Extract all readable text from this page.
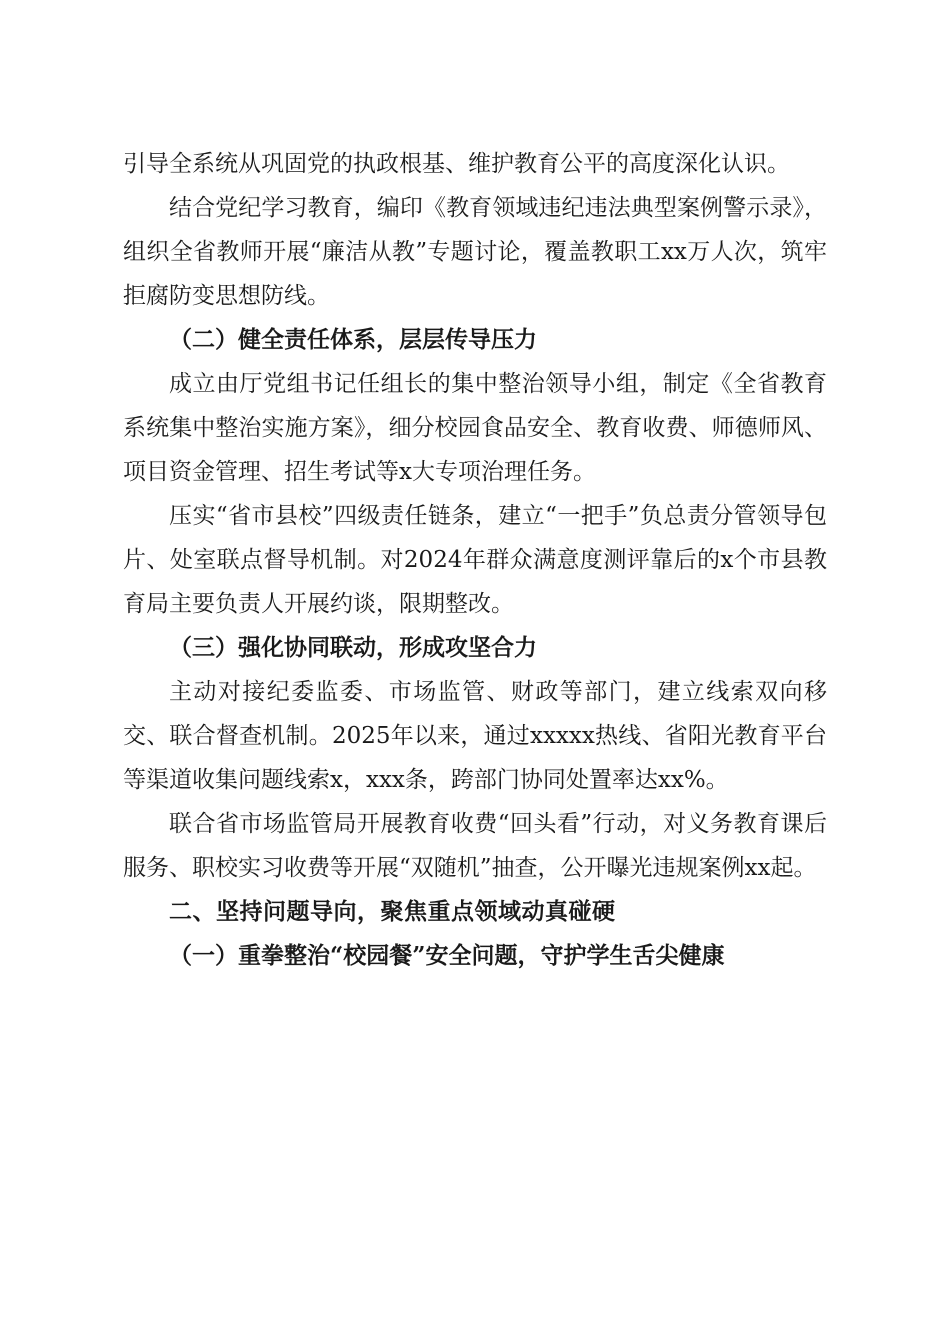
引导全系统从巩固党的执政根基、维护教育公平的高度深化认识。

结合党纪学习教育，编印《教育领域违纪违法典型案例警示录》，组织全省教师开展“廉洁从教”专题讨论，覆盖教职工xx万人次，筑牢拒腐防变思想防线。

（二）健全责任体系，层层传导压力

成立由厅党组书记任组长的集中整治领导小组，制定《全省教育系统集中整治实施方案》，细分校园食品安全、教育收费、师德师风、项目资金管理、招生考试等x大专项治理任务。

压实“省市县校”四级责任链条，建立“一把手”负总责分管领导包片、处室联点督导机制。对2024年群众满意度测评靠后的x个市县教育局主要负责人开展约谈，限期整改。

（三）强化协同联动，形成攻坚合力

主动对接纪委监委、市场监管、财政等部门，建立线索双向移交、联合督查机制。2025年以来，通过xxxxx热线、省阳光教育平台等渠道收集问题线索x，xxx条，跨部门协同处置率达xx%。

联合省市场监管局开展教育收费“回头看”行动，对义务教育课后服务、职校实习收费等开展“双随机”抽查，公开曝光违规案例xx起。

二、坚持问题导向，聚焦重点领域动真碰硬

（一）重拳整治“校园餐”安全问题，守护学生舌尖健康
